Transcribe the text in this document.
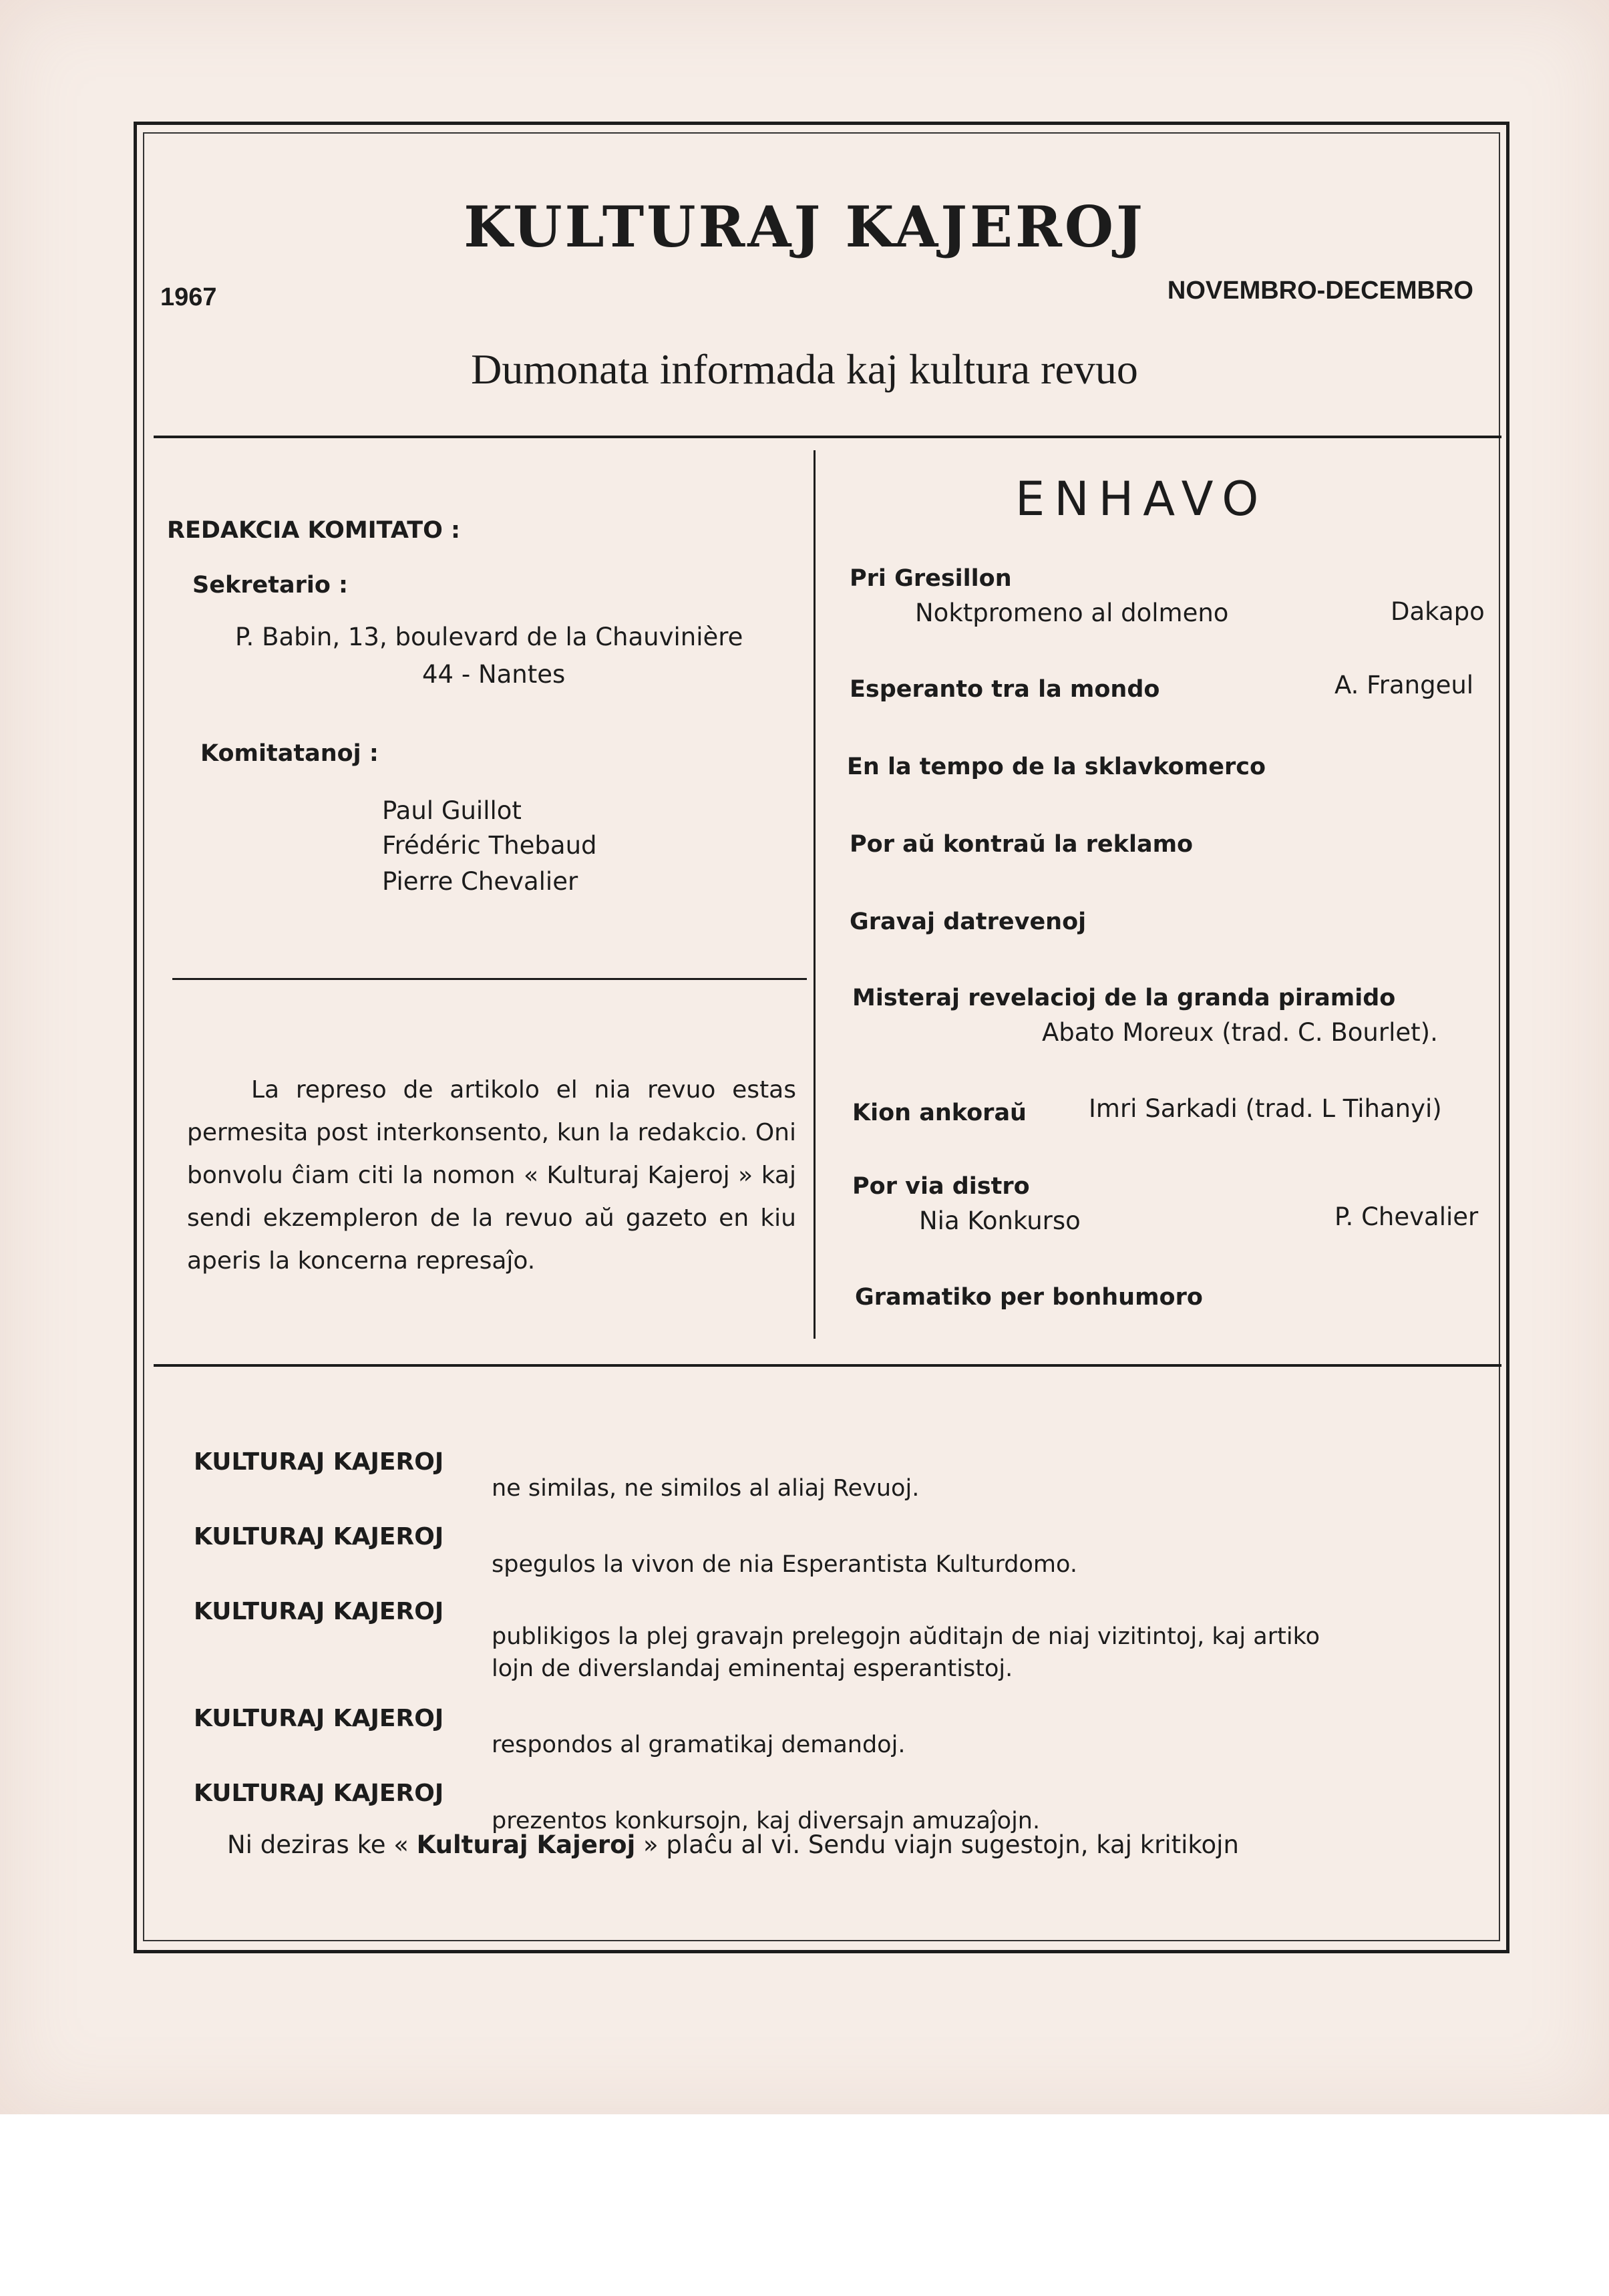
KULTURAJ KAJEROJ
1967	NOVEMBRO-DECEMBRO
Dumonata informada kaj kultura revuo
REDAKCIA KOMITATO :
Sekretario :
P. Babin, 13, boulevard de la Chauvinière
44 - Nantes
Komitatanoj :
Paul Guillot
Frédéric Thebaud
Pierre Chevalier
La represo de artikolo el nia revuo estas permesita post interkonsento, kun la redakcio. Oni bonvolu ĉiam citi la nomon « Kulturaj Kajeroj » kaj sendi ekzempleron de la revuo aŭ gazeto en kiu aperis la koncerna represaĵo.
ENHAVO
Pri Gresillon
Noktpromeno al dolmeno	Dakapo
Esperanto tra la mondo	A. Frangeul
En la tempo de la sklavkomerco
Por aŭ kontraŭ la reklamo
Gravaj datrevenoj
Misteraj revelacioj de la granda piramido
Abato Moreux (trad. C. Bourlet).
Kion ankoraŭ	Imri Sarkadi (trad. L Tihanyi)
Por via distro
Nia Konkurso	P. Chevalier
Gramatiko per bonhumoro
KULTURAJ KAJEROJ
ne similas, ne similos al aliaj Revuoj.
KULTURAJ KAJEROJ
spegulos la vivon de nia Esperantista Kulturdomo.
KULTURAJ KAJEROJ
publikigos la plej gravajn prelegojn aŭditajn de niaj vizitintoj, kaj artiko
lojn de diverslandaj eminentaj esperantistoj.
KULTURAJ KAJEROJ
respondos al gramatikaj demandoj.
KULTURAJ KAJEROJ
prezentos konkursojn, kaj diversajn amuzaĵojn.
Ni deziras ke « Kulturaj Kajeroj » plaĉu al vi. Sendu viajn sugestojn, kaj kritikojn
